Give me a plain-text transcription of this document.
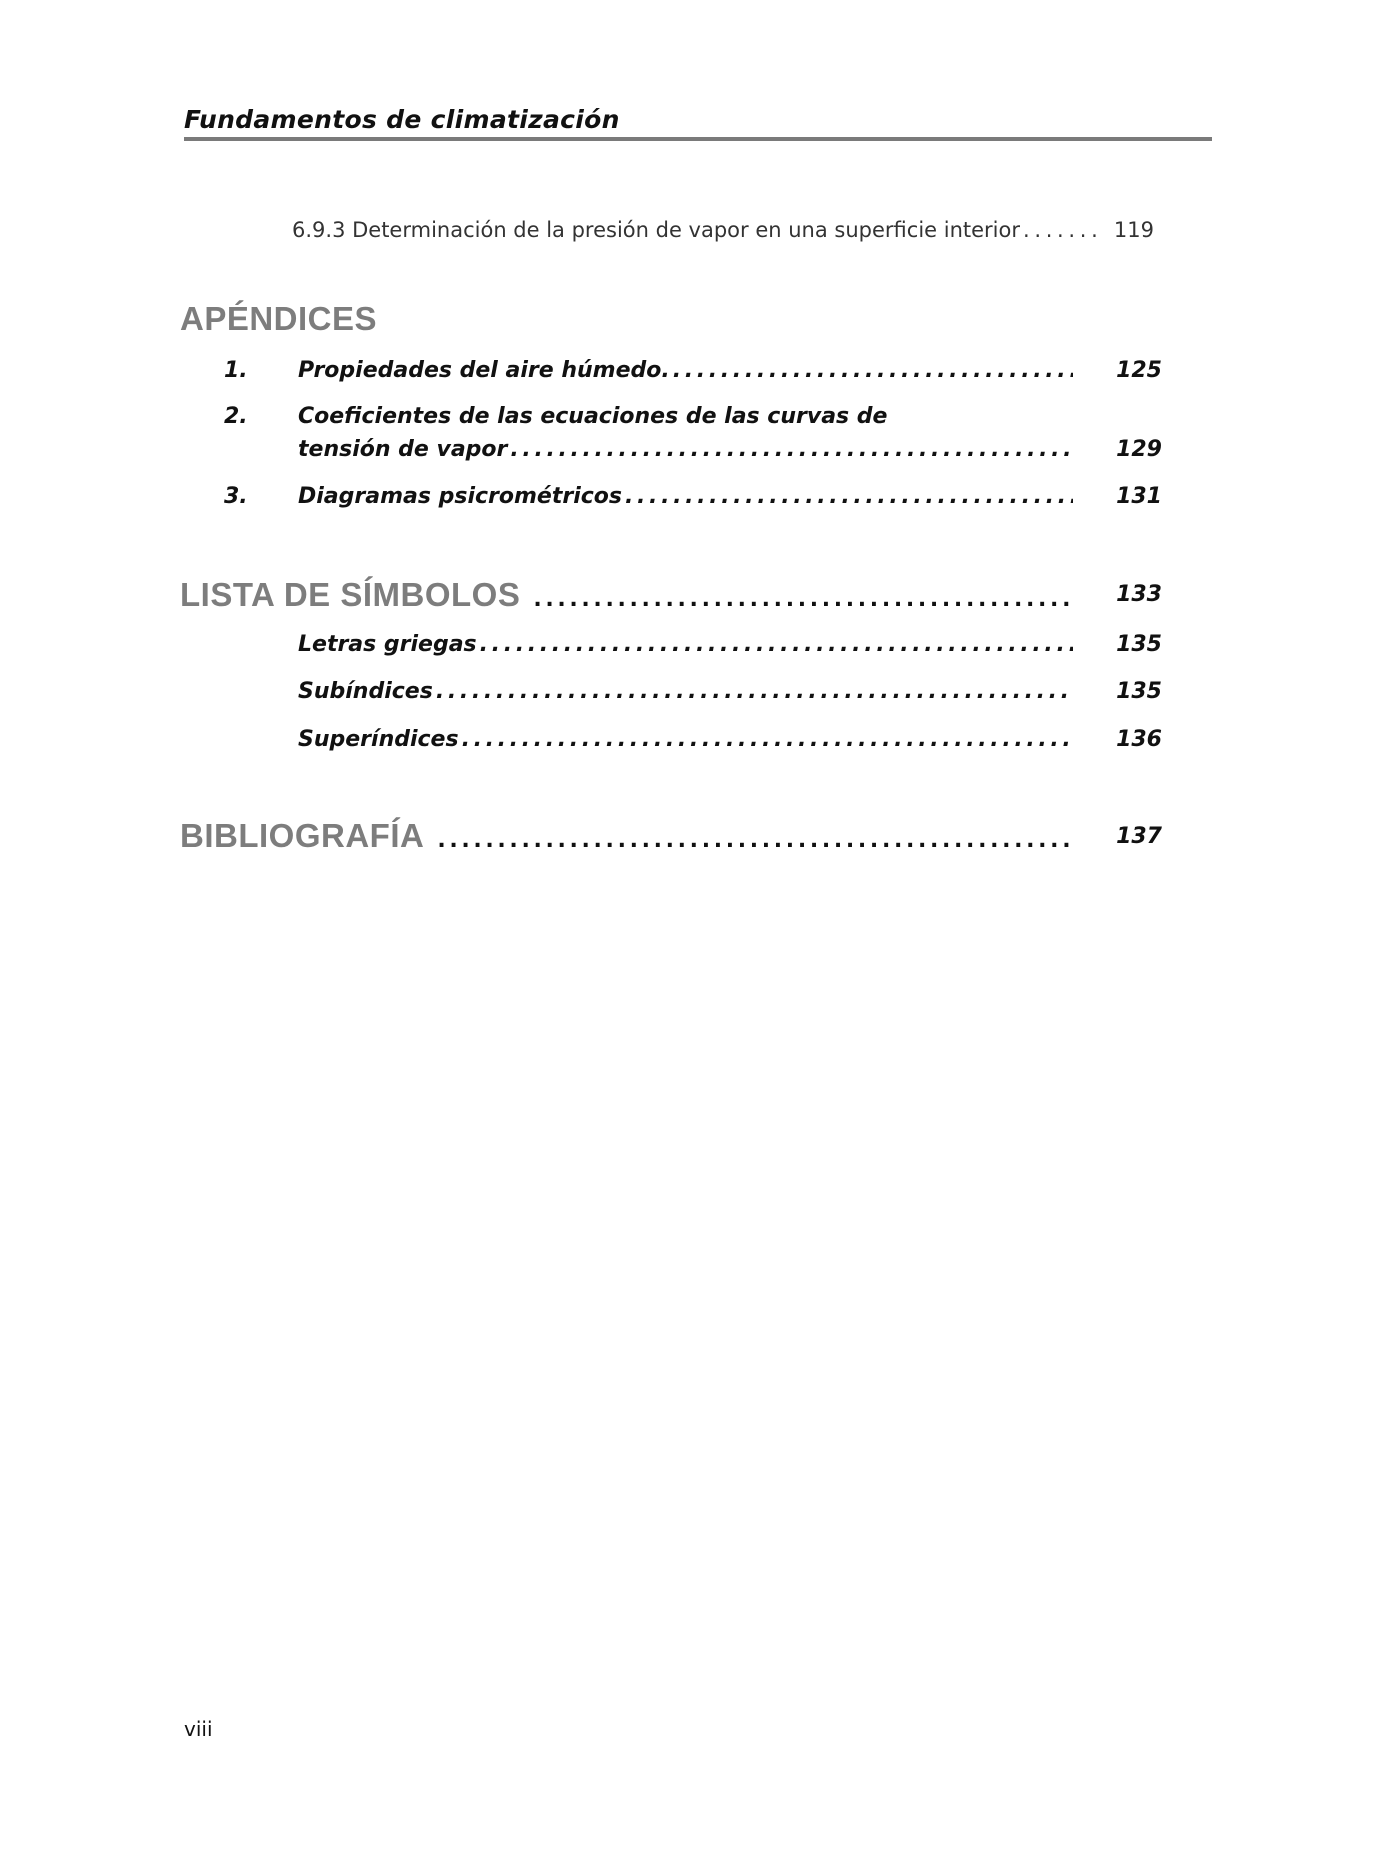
Fundamentos de climatización
6.9.3 Determinación de la presión de vapor en una superficie interior . . .	119
APÉNDICES
1. Propiedades del aire húmedo. . . .	125
2. Coeficientes de las ecuaciones de las curvas de
tensión de vapor . . .	129
3. Diagramas psicrométricos . . .	131
LISTA DE SÍMBOLOS . . .	133
Letras griegas . . .	135
Subíndices . . .	135
Superíndices . . .	136
BIBLIOGRAFÍA . . .	137
viii
